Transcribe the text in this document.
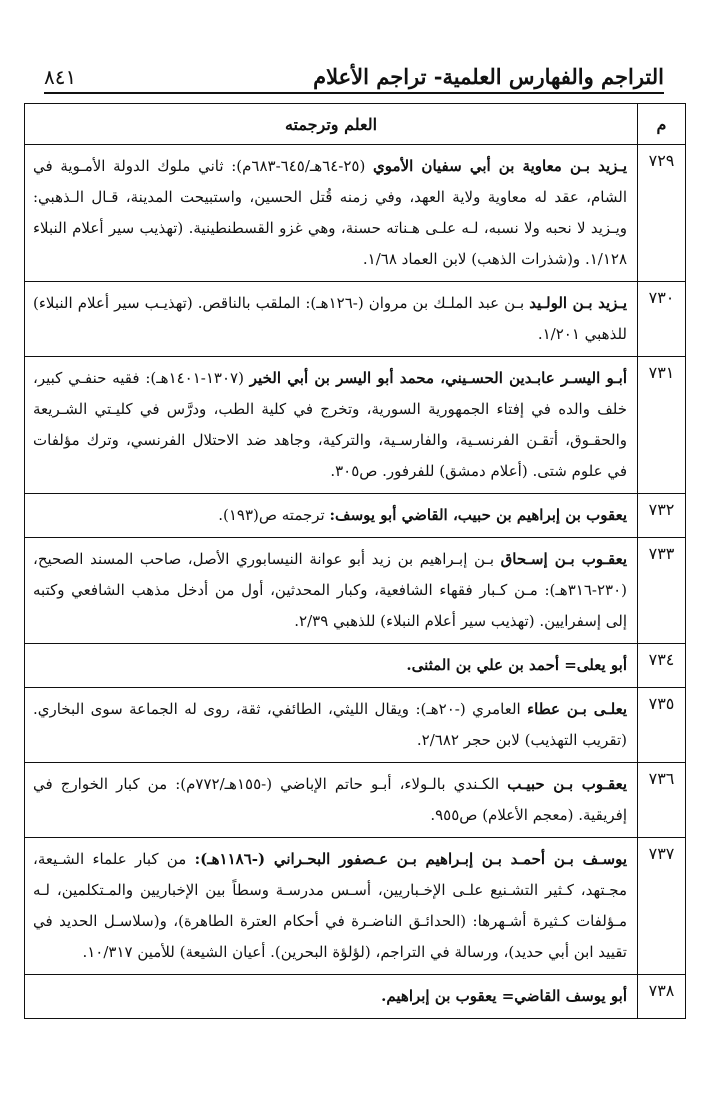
التراجم والفهارس العلمية- تراجم الأعلام
٨٤١
م	العلم وترجمته
٧٢٩	يـزيد بـن معاوية بن أبي سفيان الأموي (٢٥-٦٤هـ/٦٤٥-٦٨٣م): ثاني ملوك الدولة الأمـوية في الشام، عقد له معاوية ولاية العهد، وفي زمنه قُتل الحسين، واستبيحت المدينة، قـال الـذهبي: ويـزيد لا نحبه ولا نسبه، لـه علـى هـناته حسنة، وهي غزو القسطنطينية. (تهذيب سير أعلام النبلاء ١/١٢٨. و(شذرات الذهب) لابن العماد ١/٦٨.
٧٣٠	يـزيد بـن الولـيد بـن عبد الملـك بن مروان (-١٢٦هـ): الملقب بالناقص. (تهذيـب سير أعلام النبلاء) للذهبي ١/٢٠١.
٧٣١	أبـو اليسـر عابـدين الحسـيني، محمد أبو اليسر بن أبي الخير (١٣٠٧-١٤٠١هـ): فقيه حنفـي كبير، خلف والده في إفتاء الجمهورية السورية، وتخرج في كلية الطب، ودرَّس في كليـتي الشـريعة والحقـوق، أتقـن الفرنسـية، والفارسـية، والتركية، وجاهد ضد الاحتلال الفرنسي، وترك مؤلفات في علوم شتى. (أعلام دمشق) للفرفور. ص٣٠٥.
٧٣٢	يعقوب بن إبراهيم بن حبيب، القاضي أبو يوسف: ترجمته ص(١٩٣).
٧٣٣	يعقـوب بـن إسـحاق بـن إبـراهيم بن زيد أبو عوانة النيسابوري الأصل، صاحب المسند الصحيح، (٢٣٠-٣١٦هـ): مـن كـبار فقهاء الشافعية، وكبار المحدثين، أول من أدخل مذهب الشافعي وكتبه إلى إسفرايين. (تهذيب سير أعلام النبلاء) للذهبي ٢/٣٩.
٧٣٤	أبو يعلى= أحمد بن علي بن المثنى.
٧٣٥	يعلـى بـن عطاء العامري (-٢٠هـ): ويقال الليثي، الطائفي، ثقة، روى له الجماعة سوى البخاري. (تقريب التهذيب) لابن حجر ٢/٦٨٢.
٧٣٦	يعقـوب بـن حبيـب الكـندي بالـولاء، أبـو حاتم الإباضي (-١٥٥هـ/٧٧٢م): من كبار الخوارج في إفريقية. (معجم الأعلام) ص٩٥٥.
٧٣٧	يوسـف بـن أحمـد بـن إبـراهيم بـن عـصفور البحـراني (-١١٨٦هـ): من كبار علماء الشـيعة، مجـتهد، كـثير التشـنيع علـى الإخـباريين، أسـس مدرسـة وسطاً بين الإخباريين والمـتكلمين، لـه مـؤلفات كـثيرة أشـهرها: (الحدائـق الناضـرة في أحكام العترة الطاهرة)، و(سلاسـل الحديد في تقييد ابن أبي حديد)، ورسالة في التراجم، (لؤلؤة البحرين). أعيان الشيعة) للأمين ١٠/٣١٧.
٧٣٨	أبو يوسف القاضي= يعقوب بن إبراهيم.
